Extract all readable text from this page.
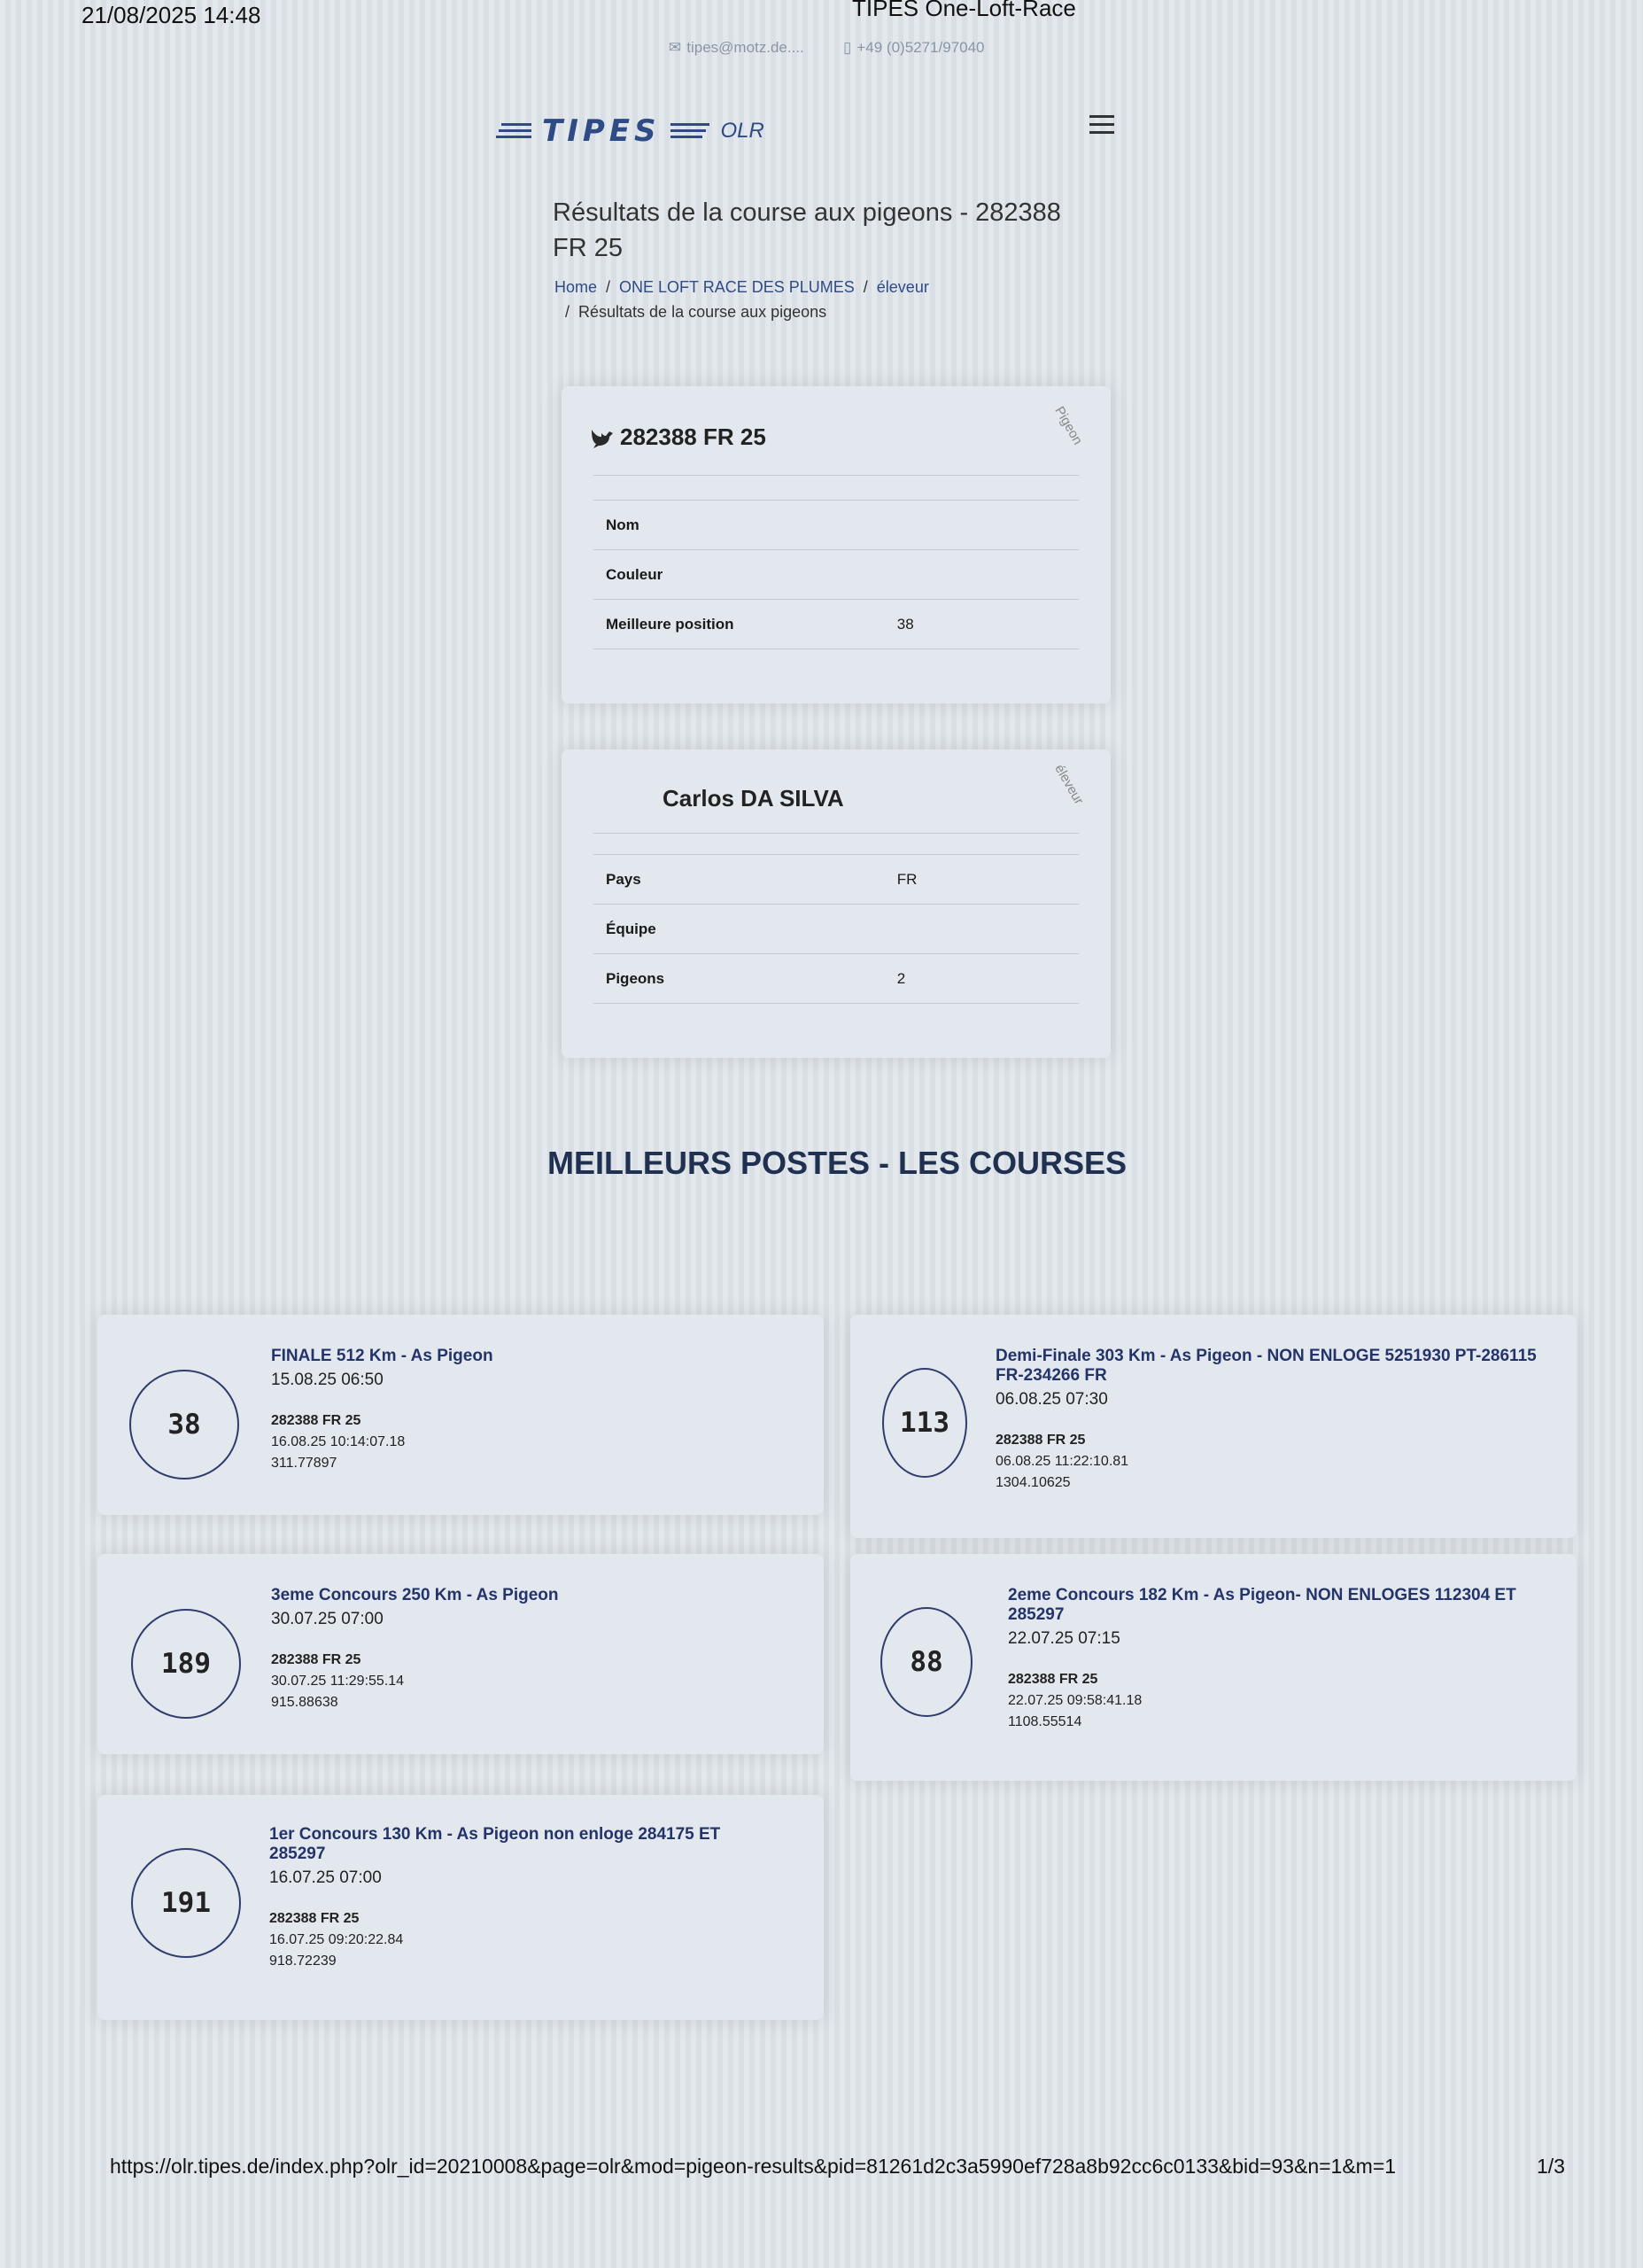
21/08/2025 14:48	TIPES One-Loft-Race
✉ tipes@motz.de....	▯ +49 (0)5271/97040
TIPES	OLR
Résultats de la course aux pigeons - 282388 FR 25
Home / ONE LOFT RACE DES PLUMES / éleveur
/ Résultats de la course aux pigeons
Pigeon
282388 FR 25
Nom	
Couleur	
Meilleure position	38
éleveur
Carlos DA SILVA
Pays	FR
Équipe	
Pigeons	2
MEILLEURS POSTES - LES COURSES
38
FINALE 512 Km - As Pigeon
15.08.25 06:50
282388 FR 25
16.08.25 10:14:07.18
311.77897
113
Demi-Finale 303 Km - As Pigeon - NON ENLOGE 5251930 PT-286115 FR-234266 FR
06.08.25 07:30
282388 FR 25
06.08.25 11:22:10.81
1304.10625
189
3eme Concours 250 Km - As Pigeon
30.07.25 07:00
282388 FR 25
30.07.25 11:29:55.14
915.88638
88
2eme Concours 182 Km - As Pigeon- NON ENLOGES 112304 ET 285297
22.07.25 07:15
282388 FR 25
22.07.25 09:58:41.18
1108.55514
191
1er Concours 130 Km - As Pigeon non enloge 284175 ET 285297
16.07.25 07:00
282388 FR 25
16.07.25 09:20:22.84
918.72239
https://olr.tipes.de/index.php?olr_id=20210008&page=olr&mod=pigeon-results&pid=81261d2c3a5990ef728a8b92cc6c0133&bid=93&n=1&m=1	1/3
